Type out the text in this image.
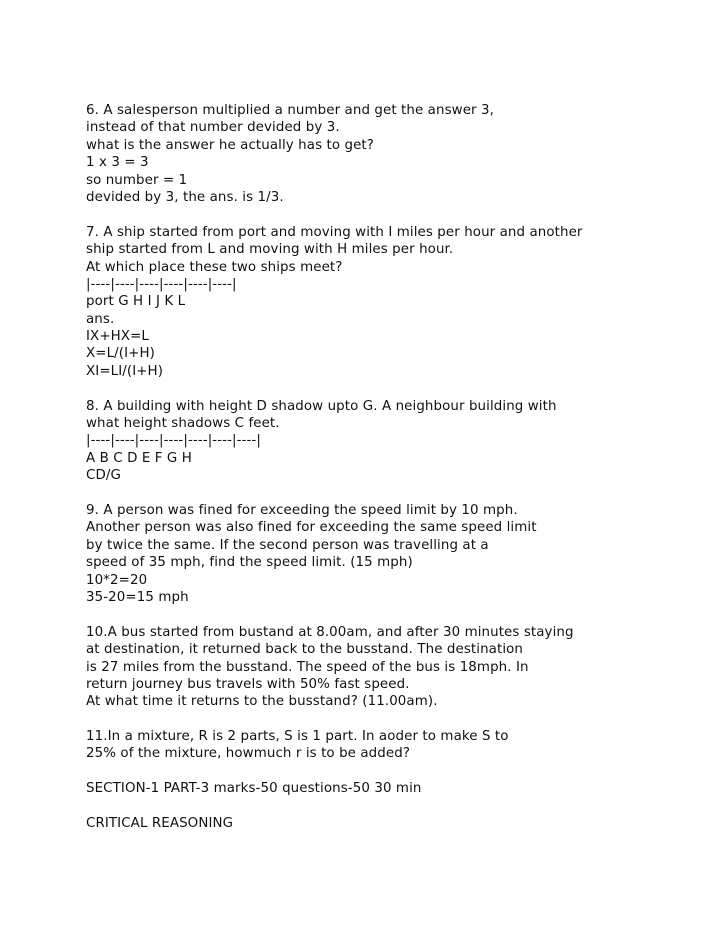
6. A salesperson multiplied a number and get the answer 3,
instead of that number devided by 3.
what is the answer he actually has to get?
1 x 3 = 3
so number = 1
devided by 3, the ans. is 1/3.
7. A ship started from port and moving with I miles per hour and another
ship started from L and moving with H miles per hour.
At which place these two ships meet?
|----|----|----|----|----|----|
port G H I J K L
ans.
IX+HX=L
X=L/(I+H)
XI=LI/(I+H)
8. A building with height D shadow upto G. A neighbour building with
what height shadows C feet.
|----|----|----|----|----|----|----|
A B C D E F G H
CD/G
9. A person was fined for exceeding the speed limit by 10 mph.
Another person was also fined for exceeding the same speed limit
by twice the same. If the second person was travelling at a
speed of 35 mph, find the speed limit. (15 mph)
10*2=20
35-20=15 mph
10.A bus started from bustand at 8.00am, and after 30 minutes staying
at destination, it returned back to the busstand. The destination
is 27 miles from the busstand. The speed of the bus is 18mph. In
return journey bus travels with 50% fast speed.
At what time it returns to the busstand? (11.00am).
11.In a mixture, R is 2 parts, S is 1 part. In aoder to make S to
25% of the mixture, howmuch r is to be added?
SECTION-1 PART-3 marks-50 questions-50 30 min
CRITICAL REASONING
